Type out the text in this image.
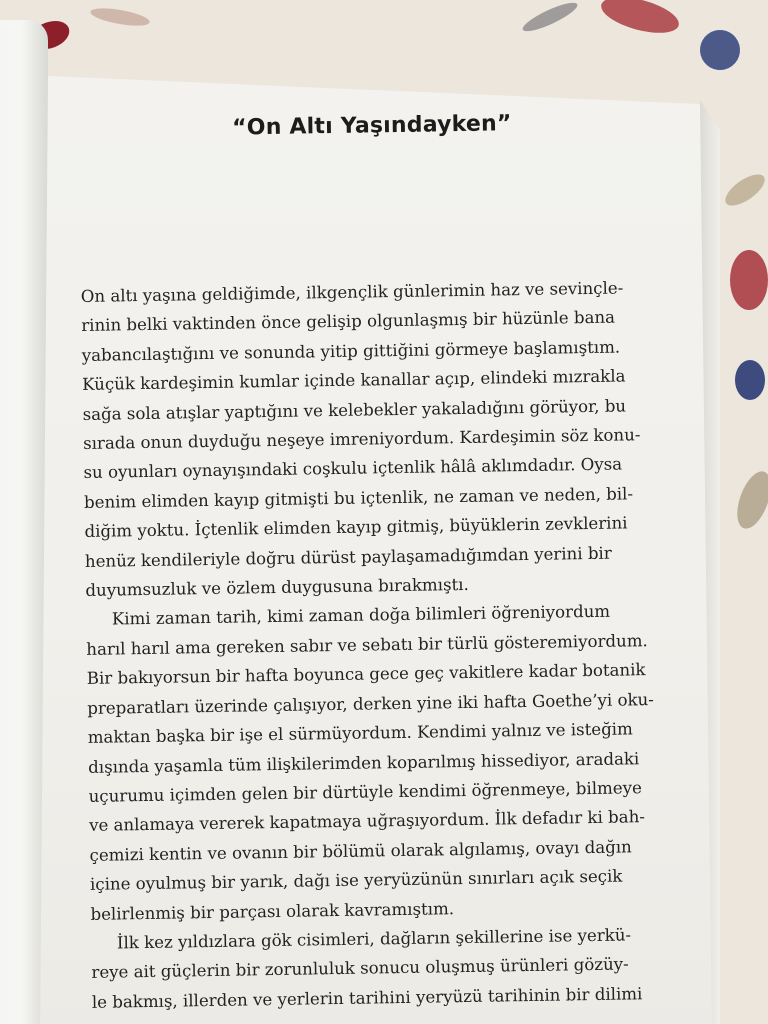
“On Altı Yaşındayken”
On altı yaşına geldiğimde, ilkgençlik günlerimin haz ve sevinçle-
rinin belki vaktinden önce gelişip olgunlaşmış bir hüzünle bana
yabancılaştığını ve sonunda yitip gittiğini görmeye başlamıştım.
Küçük kardeşimin kumlar içinde kanallar açıp, elindeki mızrakla
sağa sola atışlar yaptığını ve kelebekler yakaladığını görüyor, bu
sırada onun duyduğu neşeye imreniyordum. Kardeşimin söz konu-
su oyunları oynayışındaki coşkulu içtenlik hâlâ aklımdadır. Oysa
benim elimden kayıp gitmişti bu içtenlik, ne zaman ve neden, bil-
diğim yoktu. İçtenlik elimden kayıp gitmiş, büyüklerin zevklerini
henüz kendileriyle doğru dürüst paylaşamadığımdan yerini bir
duyumsuzluk ve özlem duygusuna bırakmıştı.
Kimi zaman tarih, kimi zaman doğa bilimleri öğreniyordum
harıl harıl ama gereken sabır ve sebatı bir türlü gösteremiyordum.
Bir bakıyorsun bir hafta boyunca gece geç vakitlere kadar botanik
preparatları üzerinde çalışıyor, derken yine iki hafta Goethe’yi oku-
maktan başka bir işe el sürmüyordum. Kendimi yalnız ve isteğim
dışında yaşamla tüm ilişkilerimden koparılmış hissediyor, aradaki
uçurumu içimden gelen bir dürtüyle kendimi öğrenmeye, bilmeye
ve anlamaya vererek kapatmaya uğraşıyordum. İlk defadır ki bah-
çemizi kentin ve ovanın bir bölümü olarak algılamış, ovayı dağın
içine oyulmuş bir yarık, dağı ise yeryüzünün sınırları açık seçik
belirlenmiş bir parçası olarak kavramıştım.
İlk kez yıldızlara gök cisimleri, dağların şekillerine ise yerkü-
reye ait güçlerin bir zorunluluk sonucu oluşmuş ürünleri gözüy-
le bakmış, illerden ve yerlerin tarihini yeryüzü tarihinin bir dilimi
